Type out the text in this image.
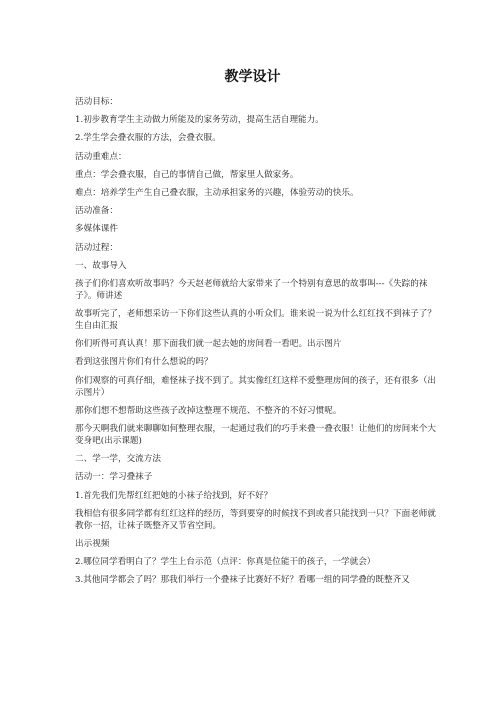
教学设计
活动目标：
1.初步教育学生主动做力所能及的家务劳动，提高生活自理能力。
2.学生学会叠衣服的方法，会叠衣服。
活动重难点：
重点：学会叠衣服，自己的事情自己做，帮家里人做家务。
难点：培养学生产生自己叠衣服，主动承担家务的兴趣，体验劳动的快乐。
活动准备：
多媒体课件
活动过程：
一、故事导入
孩子们你们喜欢听故事吗？今天赵老师就给大家带来了一个特别有意思的故事叫---《失踪的袜子》。师讲述
故事听完了，老师想采访一下你们这些认真的小听众们。谁来说一说为什么红红找不到袜子了？生自由汇报
你们听得可真认真！那下面我们就一起去她的房间看一看吧。出示图片
看到这张图片你们有什么想说的吗？
你们观察的可真仔细，难怪袜子找不到了。其实像红红这样不爱整理房间的孩子，还有很多（出示图片）
那你们想不想帮助这些孩子改掉这整理不规范、不整齐的不好习惯呢。
那今天啊我们就来聊聊如何整理衣服，一起通过我们的巧手来叠一叠衣服！让他们的房间来个大变身吧(出示课题)
二、学一学，交流方法
活动一：学习叠袜子
1.首先我们先帮红红把她的小袜子给找到，好不好？
我相信有很多同学都有红红这样的经历，等到要穿的时候找不到或者只能找到一只？下面老师就教你一招，让袜子既整齐又节省空间。
出示视频
2.哪位同学看明白了？学生上台示范（点评：你真是位能干的孩子，一学就会）
3.其他同学都会了吗？那我们举行一个叠袜子比赛好不好？看哪一组的同学叠的既整齐又
